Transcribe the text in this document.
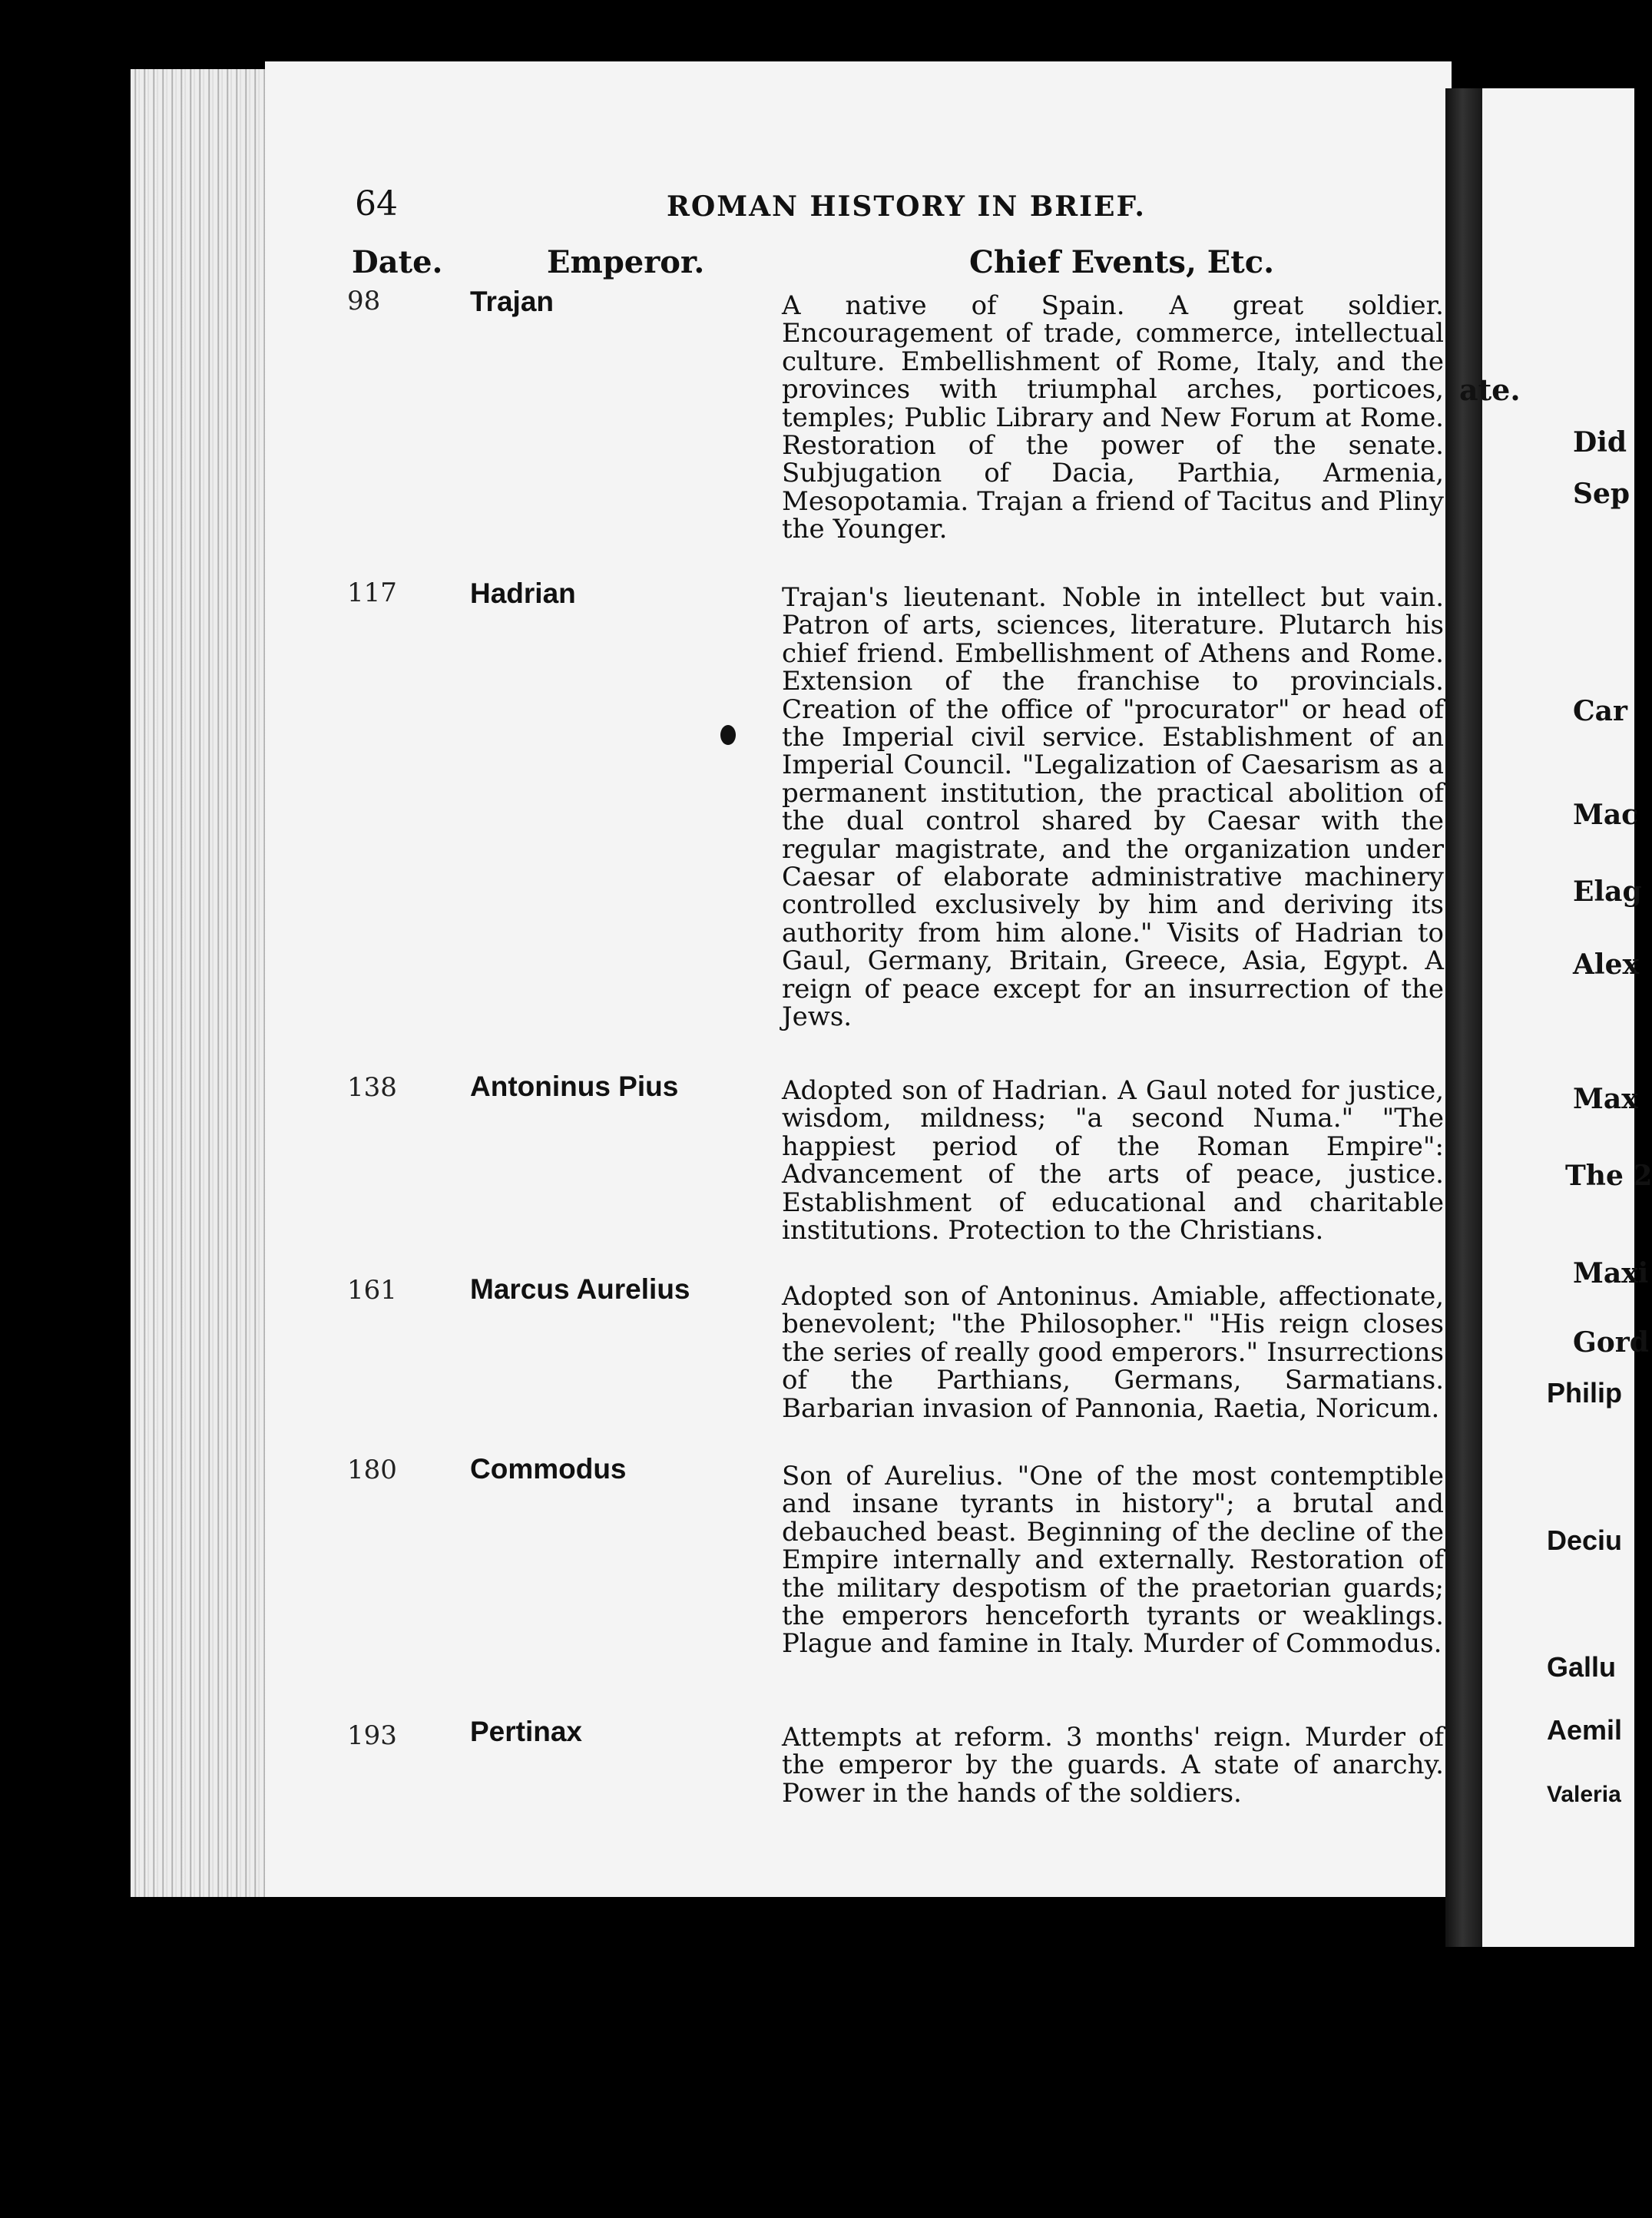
64	ROMAN HISTORY IN BRIEF.
Date.	Emperor.	Chief Events, Etc.
98	Trajan	A native of Spain. A great soldier. Encouragement of trade, commerce, intellectual culture. Embellishment of Rome, Italy, and the provinces with triumphal arches, porticoes, temples; Public Library and New Forum at Rome. Restoration of the power of the senate. Subjugation of Dacia, Parthia, Armenia, Mesopotamia. Trajan a friend of Tacitus and Pliny the Younger.
117	Hadrian	Trajan's lieutenant. Noble in intellect but vain. Patron of arts, sciences, literature. Plutarch his chief friend. Embellishment of Athens and Rome. Extension of the franchise to provincials. Creation of the office of "procurator" or head of the Imperial civil service. Establishment of an Imperial Council. "Legalization of Caesarism as a permanent institution, the practical abolition of the dual control shared by Caesar with the regular magistrate, and the organization under Caesar of elaborate administrative machinery controlled exclusively by him and deriving its authority from him alone." Visits of Hadrian to Gaul, Germany, Britain, Greece, Asia, Egypt. A reign of peace except for an insurrection of the Jews.
138	Antoninus Pius	Adopted son of Hadrian. A Gaul noted for justice, wisdom, mildness; "a second Numa." "The happiest period of the Roman Empire": Advancement of the arts of peace, justice. Establishment of educational and charitable institutions. Protection to the Christians.
161	Marcus Aurelius	Adopted son of Antoninus. Amiable, affectionate, benevolent; "the Philosopher." "His reign closes the series of really good emperors." Insurrections of the Parthians, Germans, Sarmatians. Barbarian invasion of Pannonia, Raetia, Noricum.
180	Commodus	Son of Aurelius. "One of the most contemptible and insane tyrants in history"; a brutal and debauched beast. Beginning of the decline of the Empire internally and externally. Restoration of the military despotism of the praetorian guards; the emperors henceforth tyrants or weaklings. Plague and famine in Italy. Murder of Commodus.
193	Pertinax	Attempts at reform. 3 months' reign. Murder of the emperor by the guards. A state of anarchy. Power in the hands of the soldiers.
ate.
Did
Sep
Car
Mac
Elag
Alex
Max
The 2
Maxi
Gord
Philip
Deciu
Gallu
Aemil
Valeria
